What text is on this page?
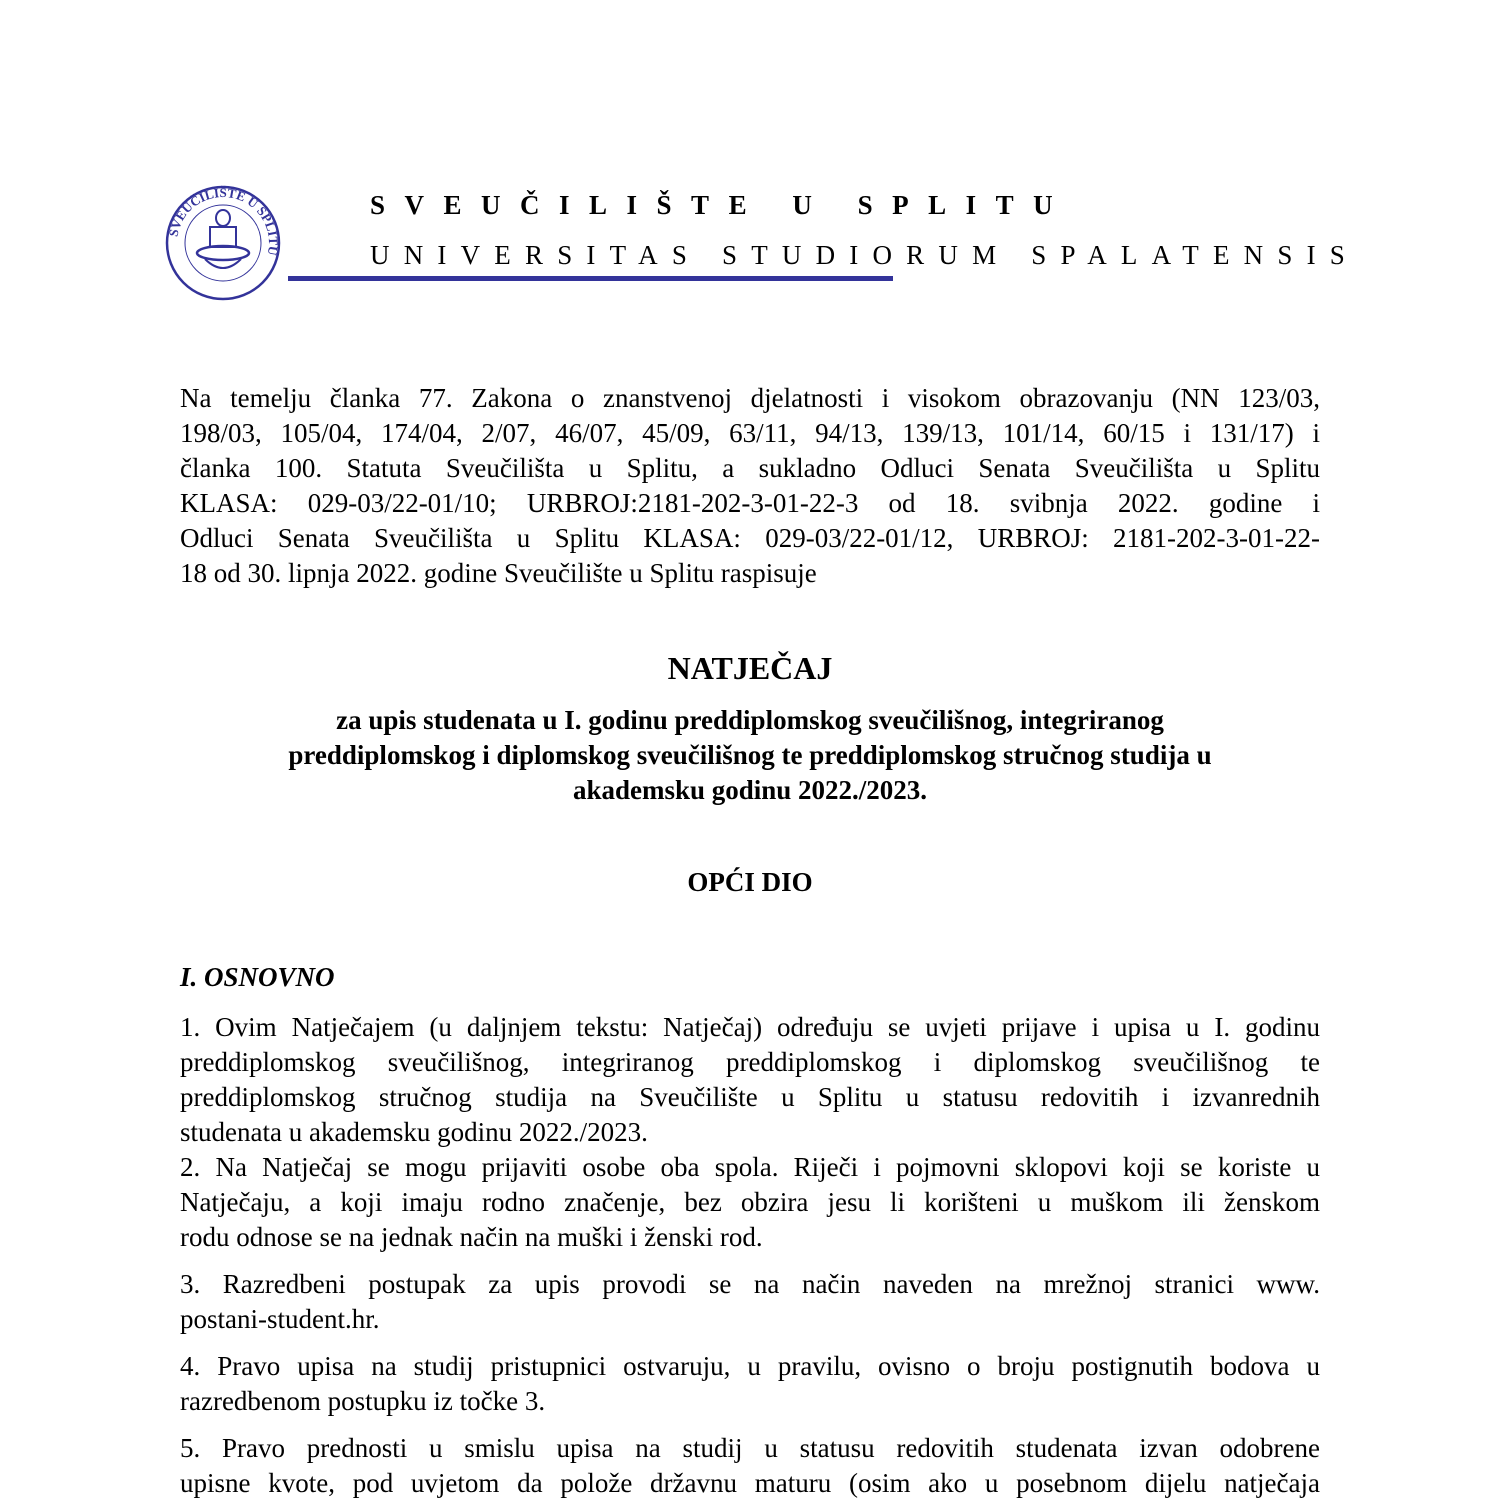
SVEUČILIŠTE U SPLITU
SVEUČILIŠTE U SPLITU
UNIVERSITAS STUDIORUM SPALATENSIS
Na temelju članka 77. Zakona o znanstvenoj djelatnosti i visokom obrazovanju (NN 123/03,
198/03, 105/04, 174/04, 2/07, 46/07, 45/09, 63/11, 94/13, 139/13, 101/14, 60/15 i 131/17) i
članka 100. Statuta Sveučilišta u Splitu, a sukladno Odluci Senata Sveučilišta u Splitu
KLASA: 029-03/22-01/10; URBROJ:2181-202-3-01-22-3 od 18. svibnja 2022. godine i
Odluci Senata Sveučilišta u Splitu KLASA: 029-03/22-01/12, URBROJ: 2181-202-3-01-22-
18 od 30. lipnja 2022. godine Sveučilište u Splitu raspisuje
NATJEČAJ
za upis studenata u I. godinu preddiplomskog sveučilišnog, integriranog
preddiplomskog i diplomskog sveučilišnog te preddiplomskog stručnog studija u
akademsku godinu 2022./2023.
OPĆI DIO
I. OSNOVNO
1. Ovim Natječajem (u daljnjem tekstu: Natječaj) određuju se uvjeti prijave i upisa u I. godinu
preddiplomskog sveučilišnog, integriranog preddiplomskog i diplomskog sveučilišnog te
preddiplomskog stručnog studija na Sveučilište u Splitu u statusu redovitih i izvanrednih
studenata u akademsku godinu 2022./2023.
2. Na Natječaj se mogu prijaviti osobe oba spola. Riječi i pojmovni sklopovi koji se koriste u
Natječaju, a koji imaju rodno značenje, bez obzira jesu li korišteni u muškom ili ženskom
rodu odnose se na jednak način na muški i ženski rod.
3. Razredbeni postupak za upis provodi se na način naveden na mrežnoj stranici www.
postani-student.hr.
4. Pravo upisa na studij pristupnici ostvaruju, u pravilu, ovisno o broju postignutih bodova u
razredbenom postupku iz točke 3.
5. Pravo prednosti u smislu upisa na studij u statusu redovitih studenata izvan odobrene
upisne kvote, pod uvjetom da polože državnu maturu (osim ako u posebnom dijelu natječaja
